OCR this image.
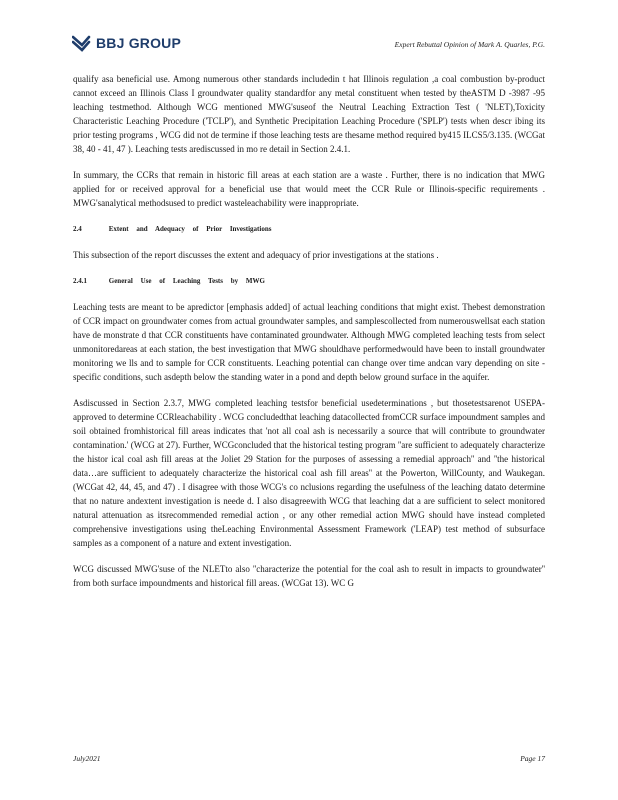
BBJ GROUP	Expert Rebuttal Opinion of Mark A. Quarles, P.G.

qualify asa beneficial use. Among numerous other standards includedin t hat Illinois regulation ,a coal combustion by-product cannot exceed an Illinois Class I groundwater quality standardfor any metal constituent when tested by theASTM D -3987 -95 leaching testmethod. Although WCG mentioned MWG'suseof the Neutral Leaching Extraction Test ( 'NLET),Toxicity Characteristic Leaching Procedure ('TCLP'), and Synthetic Precipitation Leaching Procedure ('SPLP') tests when descr ibing its prior testing programs , WCG did not de termine if those leaching tests are thesame method required by415 ILCS5/3.135. (WCGat 38, 40 - 41, 47 ). Leaching tests arediscussed in mo re detail in Section 2.4.1.

In summary, the CCRs that remain in historic fill areas at each station are a waste . Further, there is no indication that MWG applied for or received approval for a beneficial use that would meet the CCR Rule or Illinois-specific requirements . MWG'sanalytical methodsused to predict wasteleachability were inappropriate.

2.4	Extent and Adequacy of Prior Investigations

This subsection of the report discusses the extent and adequacy of prior investigations at the stations .

2.4.1	General Use of Leaching Tests by MWG

Leaching tests are meant to be apredictor [emphasis added] of actual leaching conditions that might exist. Thebest demonstration of CCR impact on groundwater comes from actual groundwater samples, and samplescollected from numerouswellsat each station have de monstrate d that CCR constituents have contaminated groundwater. Although MWG completed leaching tests from select unmonitoredareas at each station, the best investigation that MWG shouldhave performedwould have been to install groundwater monitoring we lls and to sample for CCR constituents. Leaching potential can change over time andcan vary depending on site -specific conditions, such asdepth below the standing water in a pond and depth below ground surface in the aquifer.

Asdiscussed in Section 2.3.7, MWG completed leaching testsfor beneficial usedeterminations , but thosetestsarenot USEPA- approved to determine CCRleachability . WCG concludedthat leaching datacollected fromCCR surface impoundment samples and soil obtained fromhistorical fill areas indicates that 'not all coal ash is necessarily a source that will contribute to groundwater contamination.' (WCG at 27). Further, WCGconcluded that the historical testing program ''are sufficient to adequately characterize the histor ical coal ash fill areas at the Joliet 29 Station for the purposes of assessing a remedial approach'' and ''the historical data…are sufficient to adequately characterize the historical coal ash fill areas'' at the Powerton, WillCounty, and Waukegan. (WCGat 42, 44, 45, and 47) . I disagree with those WCG's co nclusions regarding the usefulness of the leaching datato determine that no nature andextent investigation is neede d. I also disagreewith WCG that leaching dat a are sufficient to select monitored natural attenuation as itsrecommended remedial action , or any other remedial action MWG should have instead completed comprehensive investigations using theLeaching Environmental Assessment Framework ('LEAP) test method of subsurface samples as a component of a nature and extent investigation.

WCG discussed MWG'suse of the NLETto also ''characterize the potential for the coal ash to result in impacts to groundwater'' from both surface impoundments and historical fill areas. (WCGat 13). WC G

July2021	Page 17
